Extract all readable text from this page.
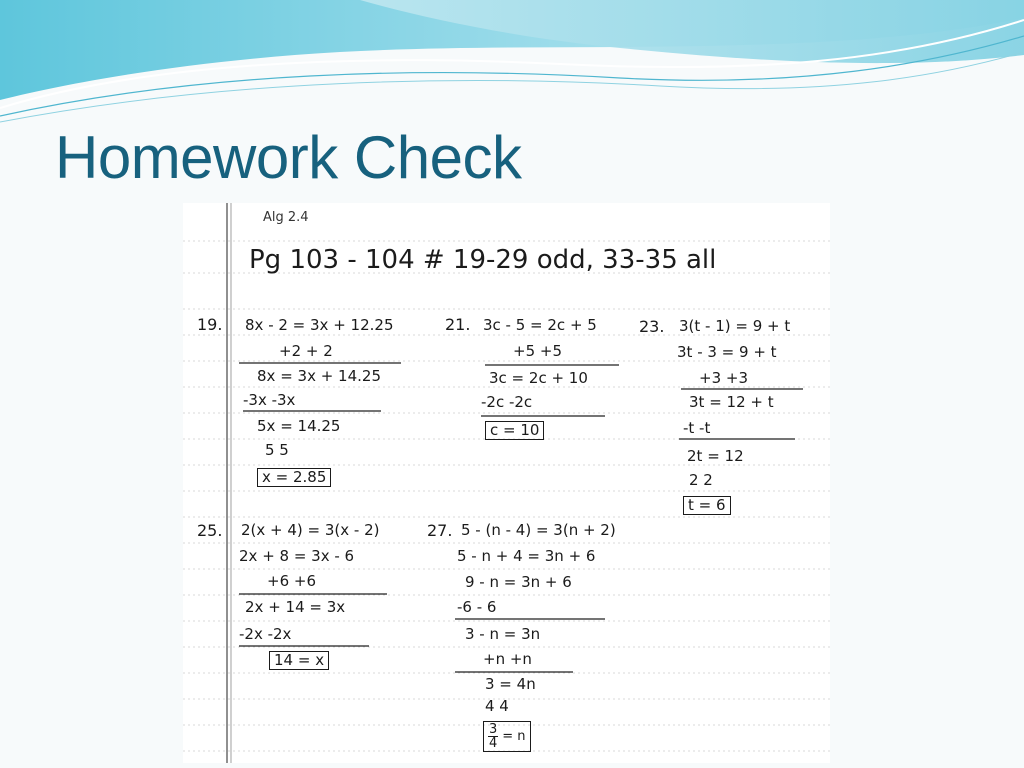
Homework Check
Alg 2.4
Pg 103 - 104 # 19-29 odd, 33-35 all
19. 8x - 2 = 3x + 12.25
+2 + 2
8x = 3x + 14.25
-3x -3x
5x = 14.25
5 5
x = 2.85
21. 3c - 5 = 2c + 5
+5 +5
3c = 2c + 10
-2c -2c
c = 10
23. 3(t - 1) = 9 + t
3t - 3 = 9 + t
+3 +3
3t = 12 + t
-t -t
2t = 12
2 2
t = 6
25. 2(x + 4) = 3(x - 2)
2x + 8 = 3x - 6
+6 +6
2x + 14 = 3x
-2x -2x
14 = x
27. 5 - (n - 4) = 3(n + 2)
5 - n + 4 = 3n + 6
9 - n = 3n + 6
-6 - 6
3 - n = 3n
+n +n
3 = 4n
4 4
$\frac{3}{4} = n$
